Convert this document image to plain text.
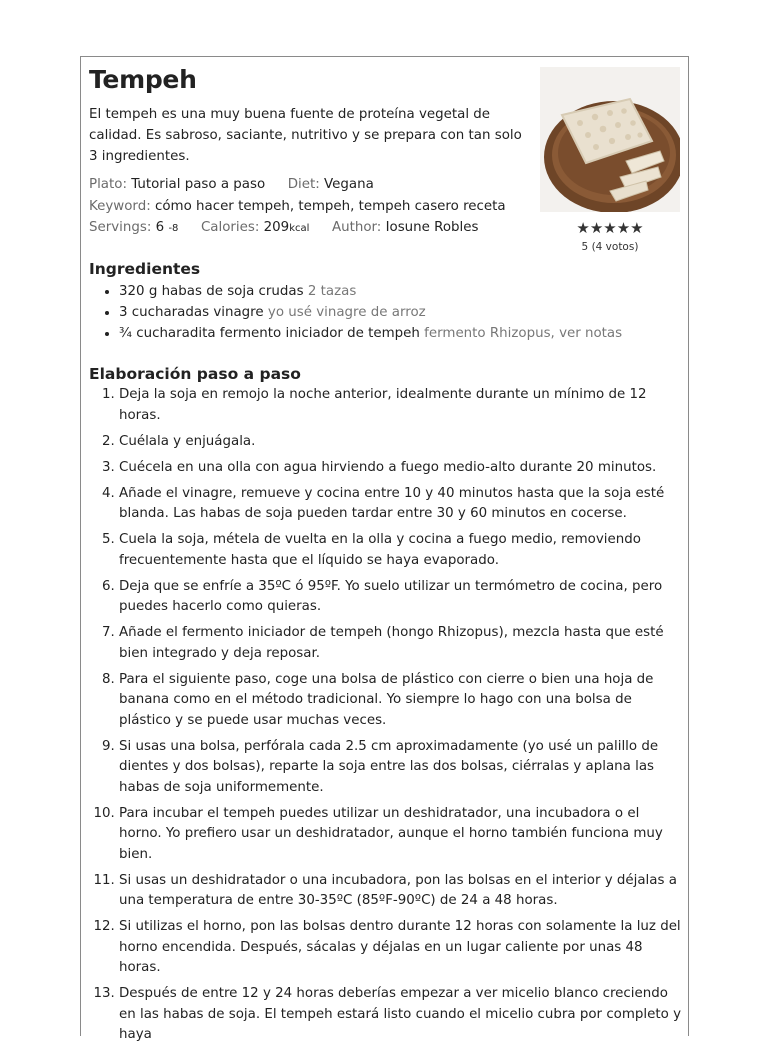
Tempeh
El tempeh es una muy buena fuente de proteína vegetal de calidad. Es sabroso, saciante, nutritivo y se prepara con tan solo 3 ingredientes.
Plato: Tutorial paso a paso Diet: Vegana
Keyword: cómo hacer tempeh, tempeh, tempeh casero receta
Servings: 6 -8 Calories: 209kcal Author: Iosune Robles	★★★★★
5 (4 votos)
Ingredientes
• 320 g habas de soja crudas 2 tazas
• 3 cucharadas vinagre yo usé vinagre de arroz
• ¾ cucharadita fermento iniciador de tempeh fermento Rhizopus, ver notas
Elaboración paso a paso
1. Deja la soja en remojo la noche anterior, idealmente durante un mínimo de 12 horas.
2. Cuélala y enjuágala.
3. Cuécela en una olla con agua hirviendo a fuego medio-alto durante 20 minutos.
4. Añade el vinagre, remueve y cocina entre 10 y 40 minutos hasta que la soja esté blanda. Las habas de soja pueden tardar entre 30 y 60 minutos en cocerse.
5. Cuela la soja, métela de vuelta en la olla y cocina a fuego medio, removiendo frecuentemente hasta que el líquido se haya evaporado.
6. Deja que se enfríe a 35ºC ó 95ºF. Yo suelo utilizar un termómetro de cocina, pero puedes hacerlo como quieras.
7. Añade el fermento iniciador de tempeh (hongo Rhizopus), mezcla hasta que esté bien integrado y deja reposar.
8. Para el siguiente paso, coge una bolsa de plástico con cierre o bien una hoja de banana como en el método tradicional. Yo siempre lo hago con una bolsa de plástico y se puede usar muchas veces.
9. Si usas una bolsa, perfórala cada 2.5 cm aproximadamente (yo usé un palillo de dientes y dos bolsas), reparte la soja entre las dos bolsas, ciérralas y aplana las habas de soja uniformemente.
10. Para incubar el tempeh puedes utilizar un deshidratador, una incubadora o el horno. Yo prefiero usar un deshidratador, aunque el horno también funciona muy bien.
11. Si usas un deshidratador o una incubadora, pon las bolsas en el interior y déjalas a una temperatura de entre 30-35ºC (85ºF-90ºC) de 24 a 48 horas.
12. Si utilizas el horno, pon las bolsas dentro durante 12 horas con solamente la luz del horno encendida. Después, sácalas y déjalas en un lugar caliente por unas 48 horas.
13. Después de entre 12 y 24 horas deberías empezar a ver micelio blanco creciendo en las habas de soja. El tempeh estará listo cuando el micelio cubra por completo y haya
